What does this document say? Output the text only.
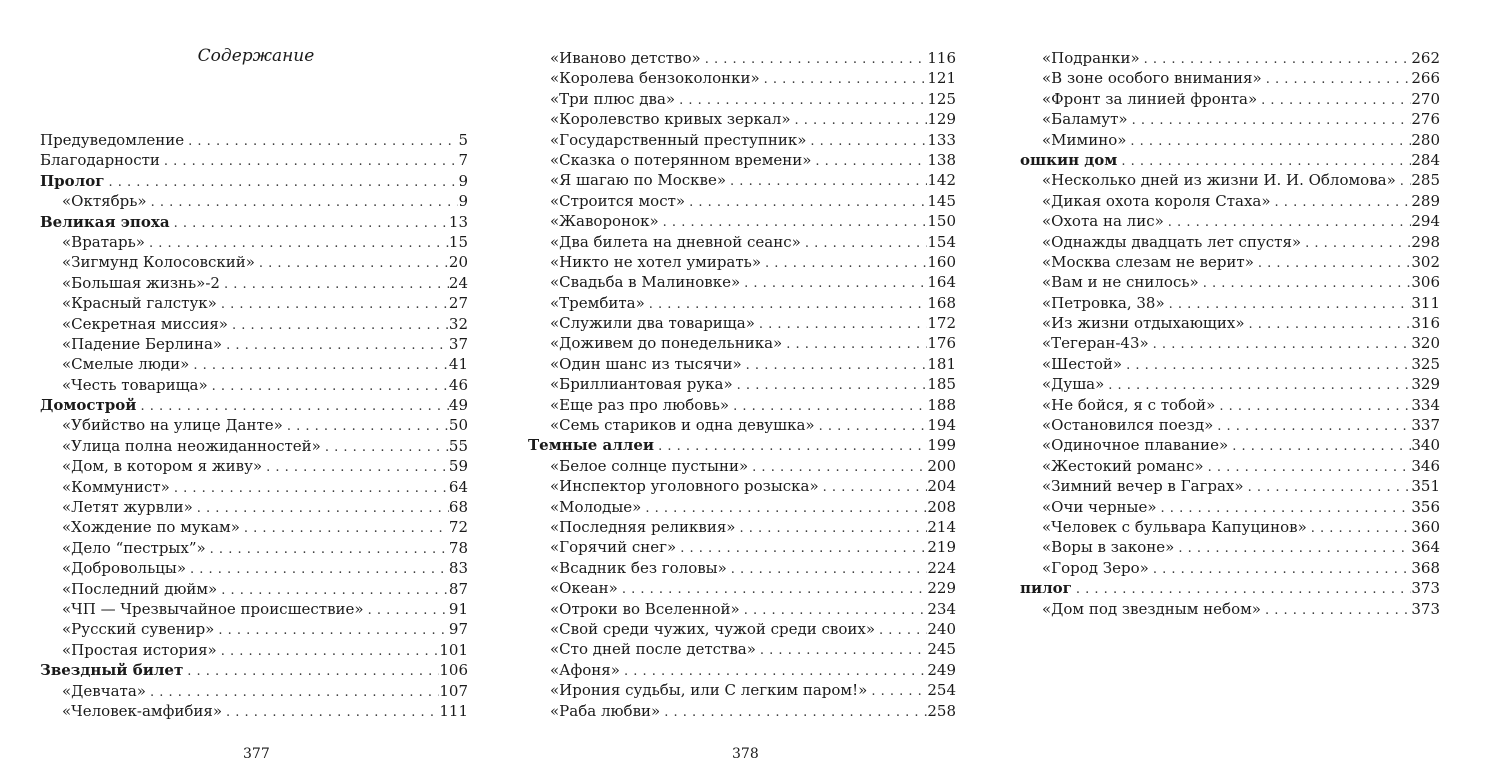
Содержание
Предуведомление . . .	5
Благодарности . . .	7
Пролог . . .	9
«Октябрь» . . .	9
Великая эпоха . . .	13
«Вратарь» . . .	15
«Зигмунд Колосовский» . . .	20
«Большая жизнь»-2 . . .	24
«Красный галстук» . . .	27
«Секретная миссия» . . .	32
«Падение Берлина» . . .	37
«Смелые люди» . . .	41
«Честь товарища» . . .	46
Домострой . . .	49
«Убийство на улице Данте» . . .	50
«Улица полна неожиданностей» . . .	55
«Дом, в котором я живу» . . .	59
«Коммунист» . . .	64
«Летят журвли» . . .	68
«Хождение по мукам» . . .	72
«Дело “пестрых”» . . .	78
«Добровольцы» . . .	83
«Последний дюйм» . . .	87
«ЧП — Чрезвычайное происшествие» . . .	91
«Русский сувенир» . . .	97
«Простая история» . . .	101
Звездный билет . . .	106
«Девчата» . . .	107
«Человек-амфибия» . . .	111
«Иваново детство» . . .	116
«Королева бензоколонки» . . .	121
«Три плюс два» . . .	125
«Королевство кривых зеркал» . . .	129
«Государственный преступник» . . .	133
«Сказка о потерянном времени» . . .	138
«Я шагаю по Москве» . . .	142
«Строится мост» . . .	145
«Жаворонок» . . .	150
«Два билета на дневной сеанс» . . .	154
«Никто не хотел умирать» . . .	160
«Свадьба в Малиновке» . . .	164
«Трембита» . . .	168
«Служили два товарища» . . .	172
«Доживем до понедельника» . . .	176
«Один шанс из тысячи» . . .	181
«Бриллиантовая рука» . . .	185
«Еще раз про любовь» . . .	188
«Семь стариков и одна девушка» . . .	194
Темные аллеи . . .	199
«Белое солнце пустыни» . . .	200
«Инспектор уголовного розыска» . . .	204
«Молодые» . . .	208
«Последняя реликвия» . . .	214
«Горячий снег» . . .	219
«Всадник без головы» . . .	224
«Океан» . . .	229
«Отроки во Вселенной» . . .	234
«Свой среди чужих, чужой среди своих» . . .	240
«Сто дней после детства» . . .	245
«Афоня» . . .	249
«Ирония судьбы, или С легким паром!» . . .	254
«Раба любви» . . .	258
«Подранки» . . .	262
«В зоне особого внимания» . . .	266
«Фронт за линией фронта» . . .	270
«Баламут» . . .	276
«Мимино» . . .	280
ошкин дом . . .	284
«Несколько дней из жизни И. И. Обломова» . . . 285
«Дикая охота короля Стаха» . . .	289
«Охота на лис» . . .	294
«Однажды двадцать лет спустя» . . .	298
«Москва слезам не верит» . . .	302
«Вам и не снилось» . . .	306
«Петровка, 38» . . .	311
«Из жизни отдыхающих» . . .	316
«Тегеран-43» . . .	320
«Шестой» . . .	325
«Душа» . . .	329
«Не бойся, я с тобой» . . .	334
«Остановился поезд» . . .	337
«Одиночное плавание» . . .	340
«Жестокий романс» . . .	346
«Зимний вечер в Гаграх» . . .	351
«Очи черные» . . .	356
«Человек с бульвара Капуцинов» . . .	360
«Воры в законе» . . .	364
«Город Зеро» . . .	368
пилог . . .	373
«Дом под звездным небом» . . .	373
377	378
